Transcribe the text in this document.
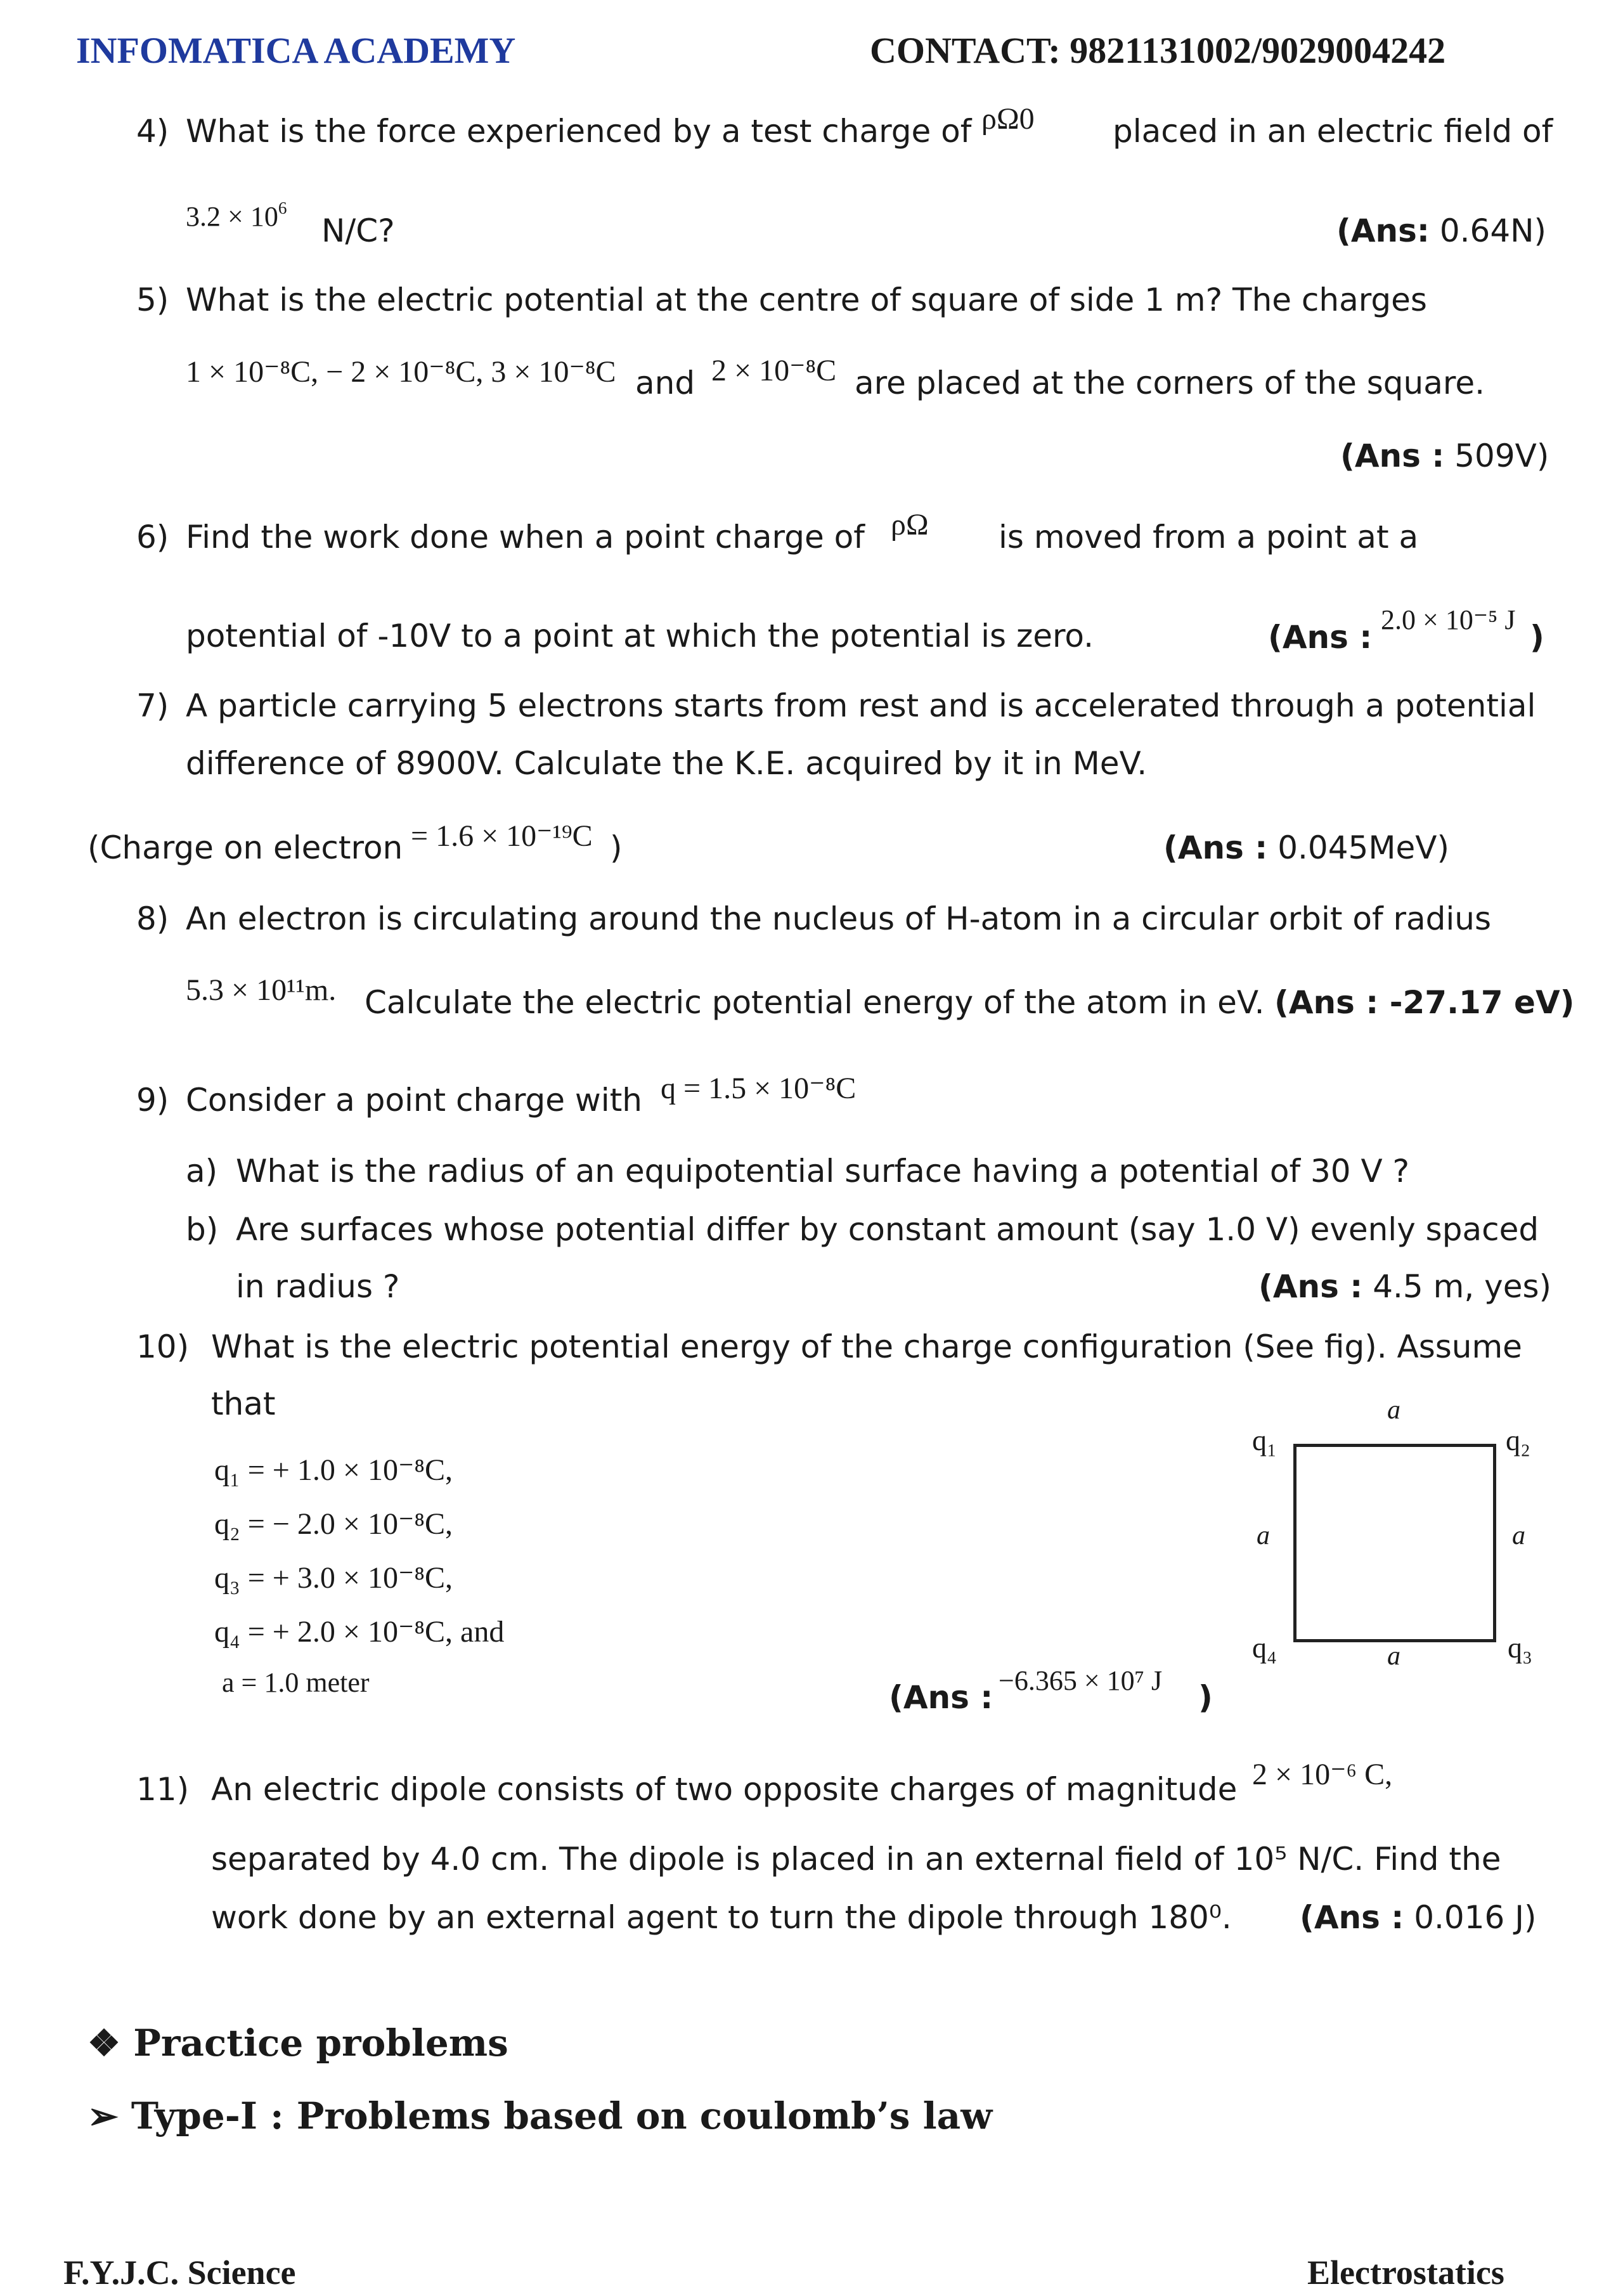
INFOMATICA ACADEMY	CONTACT: 9821131002/9029004242
4) What is the force experienced by a test charge of ρΩ0 placed in an electric field of
$3.2 \times 10^6$
N/C?	(Ans: 0.64N)
5) What is the electric potential at the centre of square of side 1 m? The charges
1 × 10⁻⁸C, − 2 × 10⁻⁸C, 3 × 10⁻⁸C and 2 × 10⁻⁸C are placed at the corners of the square.
(Ans : 509V)
6) Find the work done when a point charge of ρΩ is moved from a point at a
potential of -10V to a point at which the potential is zero.	(Ans : 2.0 × 10⁻⁵ J )
7) A particle carrying 5 electrons starts from rest and is accelerated through a potential
difference of 8900V. Calculate the K.E. acquired by it in MeV.
(Charge on electron = 1.6 × 10⁻¹⁹C )	(Ans : 0.045MeV)
8) An electron is circulating around the nucleus of H-atom in a circular orbit of radius
5.3 × 10¹¹m. Calculate the electric potential energy of the atom in eV. (Ans : -27.17 eV)
9) Consider a point charge with q = 1.5 × 10⁻⁸C
a) What is the radius of an equipotential surface having a potential of 30 V ?
b) Are surfaces whose potential differ by constant amount (say 1.0 V) evenly spaced
in radius ?	(Ans : 4.5 m, yes)
10) What is the electric potential energy of the charge configuration (See fig). Assume
that
q₁ = + 1.0 × 10⁻⁸C,
q₂ = − 2.0 × 10⁻⁸C,
q₃ = + 3.0 × 10⁻⁸C,
q₄ = + 2.0 × 10⁻⁸C, and
a = 1.0 meter	(Ans : −6.365 × 10⁷ J )
a
a	a
a
q₁	q₂
q₃
q₄
11) An electric dipole consists of two opposite charges of magnitude 2 × 10⁻⁶ C,
separated by 4.0 cm. The dipole is placed in an external field of 10⁵ N/C. Find the
work done by an external agent to turn the dipole through 180⁰. (Ans : 0.016 J)
❖ Practice problems
➢ Type-I : Problems based on coulomb’s law
F.Y.J.C. Science	Electrostatics
